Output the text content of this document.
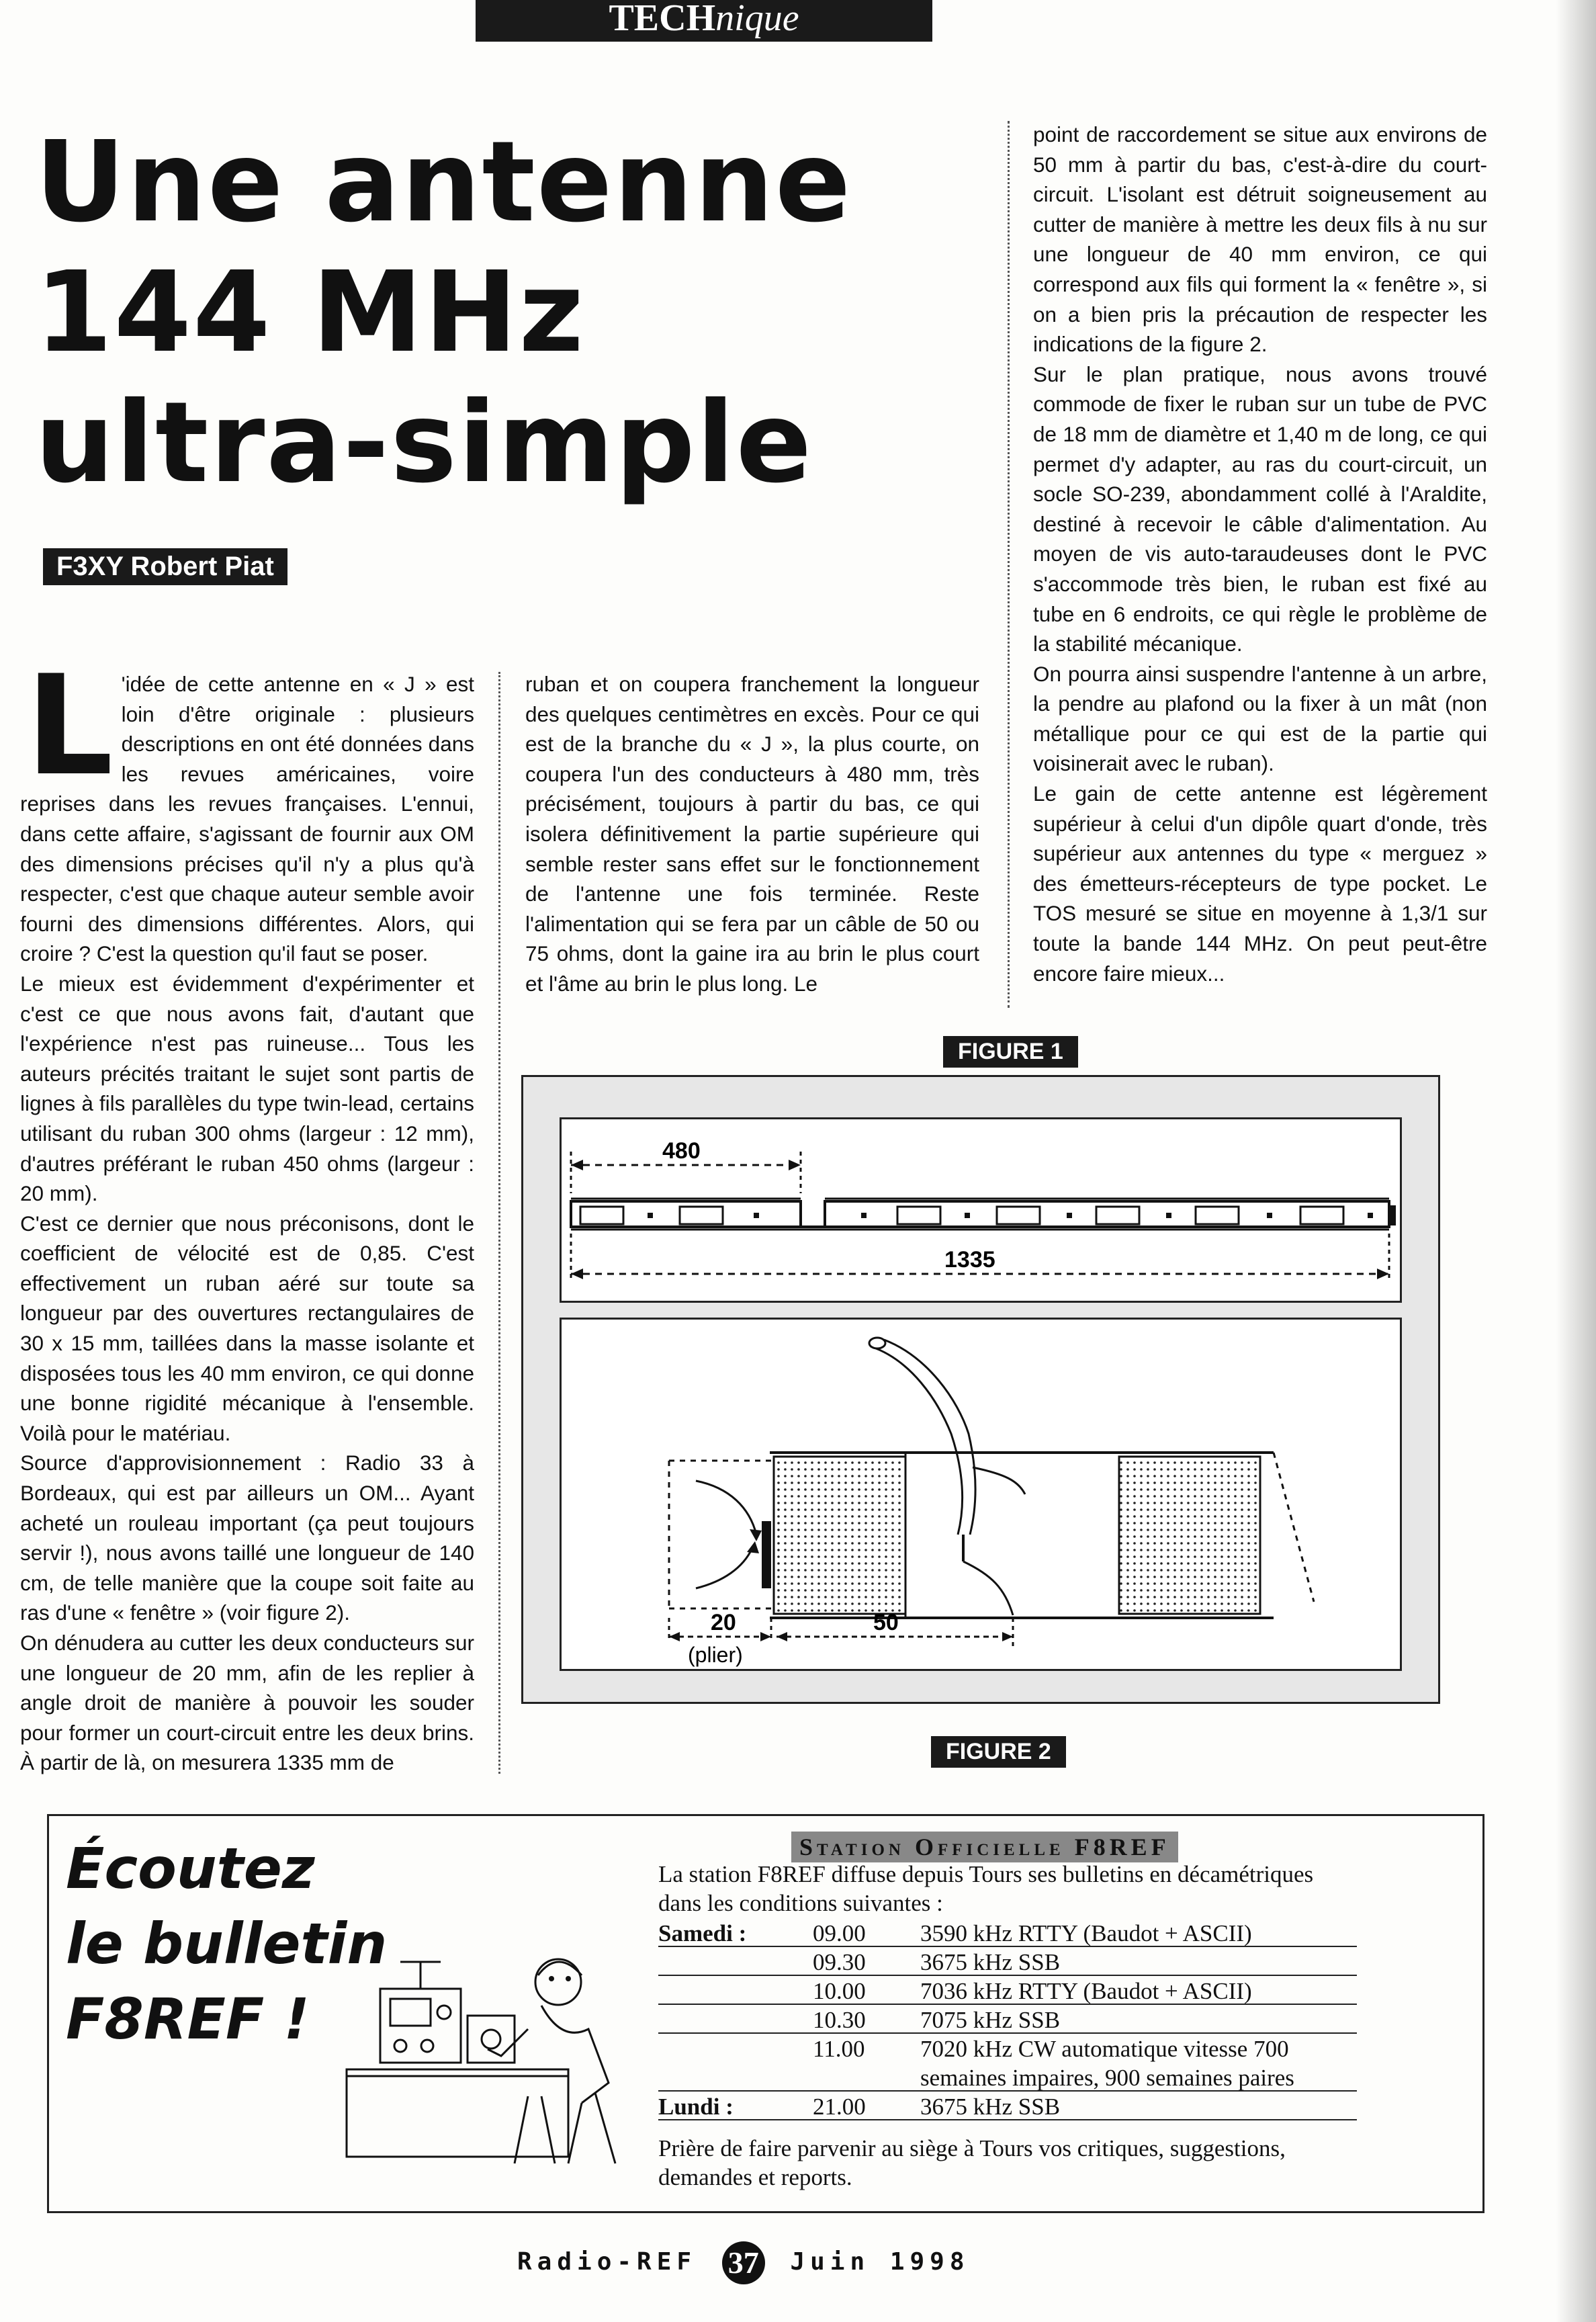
TECHnique
Une antenne
144 MHz
ultra-simple
F3XY Robert Piat
L 'idée de cette antenne en « J » est loin d'être originale : plusieurs descriptions en ont été données dans les revues américaines, voire reprises dans les revues françaises. L'ennui, dans cette affaire, s'agissant de fournir aux OM des dimensions précises qu'il n'y a plus qu'à respecter, c'est que chaque auteur semble avoir fourni des dimensions différentes. Alors, qui croire ? C'est la question qu'il faut se poser.

Le mieux est évidemment d'expérimenter et c'est ce que nous avons fait, d'autant que l'expérience n'est pas ruineuse... Tous les auteurs précités traitant le sujet sont partis de lignes à fils parallèles du type twin-lead, certains utilisant du ruban 300 ohms (largeur : 12 mm), d'autres préférant le ruban 450 ohms (largeur : 20 mm).

C'est ce dernier que nous préconisons, dont le coefficient de vélocité est de 0,85. C'est effectivement un ruban aéré sur toute sa longueur par des ouvertures rectangulaires de 30 x 15 mm, taillées dans la masse isolante et disposées tous les 40 mm environ, ce qui donne une bonne rigidité mécanique à l'ensemble. Voilà pour le matériau.

Source d'approvisionnement : Radio 33 à Bordeaux, qui est par ailleurs un OM... Ayant acheté un rouleau important (ça peut toujours servir !), nous avons taillé une longueur de 140 cm, de telle manière que la coupe soit faite au ras d'une « fenêtre » (voir figure 2).

On dénudera au cutter les deux conducteurs sur une longueur de 20 mm, afin de les replier à angle droit de manière à pouvoir les souder pour former un court-circuit entre les deux brins. À partir de là, on mesurera 1335 mm de

ruban et on coupera franchement la longueur des quelques centimètres en excès. Pour ce qui est de la branche du « J », la plus courte, on coupera l'un des conducteurs à 480 mm, très précisément, toujours à partir du bas, ce qui isolera définitivement la partie supérieure qui semble rester sans effet sur le fonctionnement de l'antenne une fois terminée. Reste l'alimentation qui se fera par un câble de 50 ou 75 ohms, dont la gaine ira au brin le plus court et l'âme au brin le plus long. Le

point de raccordement se situe aux environs de 50 mm à partir du bas, c'est-à-dire du court-circuit. L'isolant est détruit soigneusement au cutter de manière à mettre les deux fils à nu sur une longueur de 40 mm environ, ce qui correspond aux fils qui forment la « fenêtre », si on a bien pris la précaution de respecter les indications de la figure 2.

Sur le plan pratique, nous avons trouvé commode de fixer le ruban sur un tube de PVC de 18 mm de diamètre et 1,40 m de long, ce qui permet d'y adapter, au ras du court-circuit, un socle SO-239, abondamment collé à l'Araldite, destiné à recevoir le câble d'alimentation. Au moyen de vis auto-taraudeuses dont le PVC s'accommode très bien, le ruban est fixé au tube en 6 endroits, ce qui règle le problème de la stabilité mécanique.

On pourra ainsi suspendre l'antenne à un arbre, la pendre au plafond ou la fixer à un mât (non métallique pour ce qui est de la partie qui voisinerait avec le ruban).

Le gain de cette antenne est légèrement supérieur à celui d'un dipôle quart d'onde, très supérieur aux antennes du type « merguez » des émetteurs-récepteurs de type pocket. Le TOS mesuré se situe en moyenne à 1,3/1 sur toute la bande 144 MHz. On peut peut-être encore faire mieux...

FIGURE 1
480
1335
20
(plier)
50
FIGURE 2
Écoutez
le bulletin
F8REF !
Station Officielle F8REF
La station F8REF diffuse depuis Tours ses bulletins en décamétriques
dans les conditions suivantes :
Samedi :	09.00 3590 kHz RTTY (Baudot + ASCII)
09.30 3675 kHz SSB
10.00 7036 kHz RTTY (Baudot + ASCII)
10.30 7075 kHz SSB
11.00 7020 kHz CW automatique vitesse 700
semaines impaires, 900 semaines paires
Lundi :	21.00 3675 kHz SSB
Prière de faire parvenir au siège à Tours vos critiques, suggestions,
demandes et reports.
Radio-REF 37 Juin 1998
